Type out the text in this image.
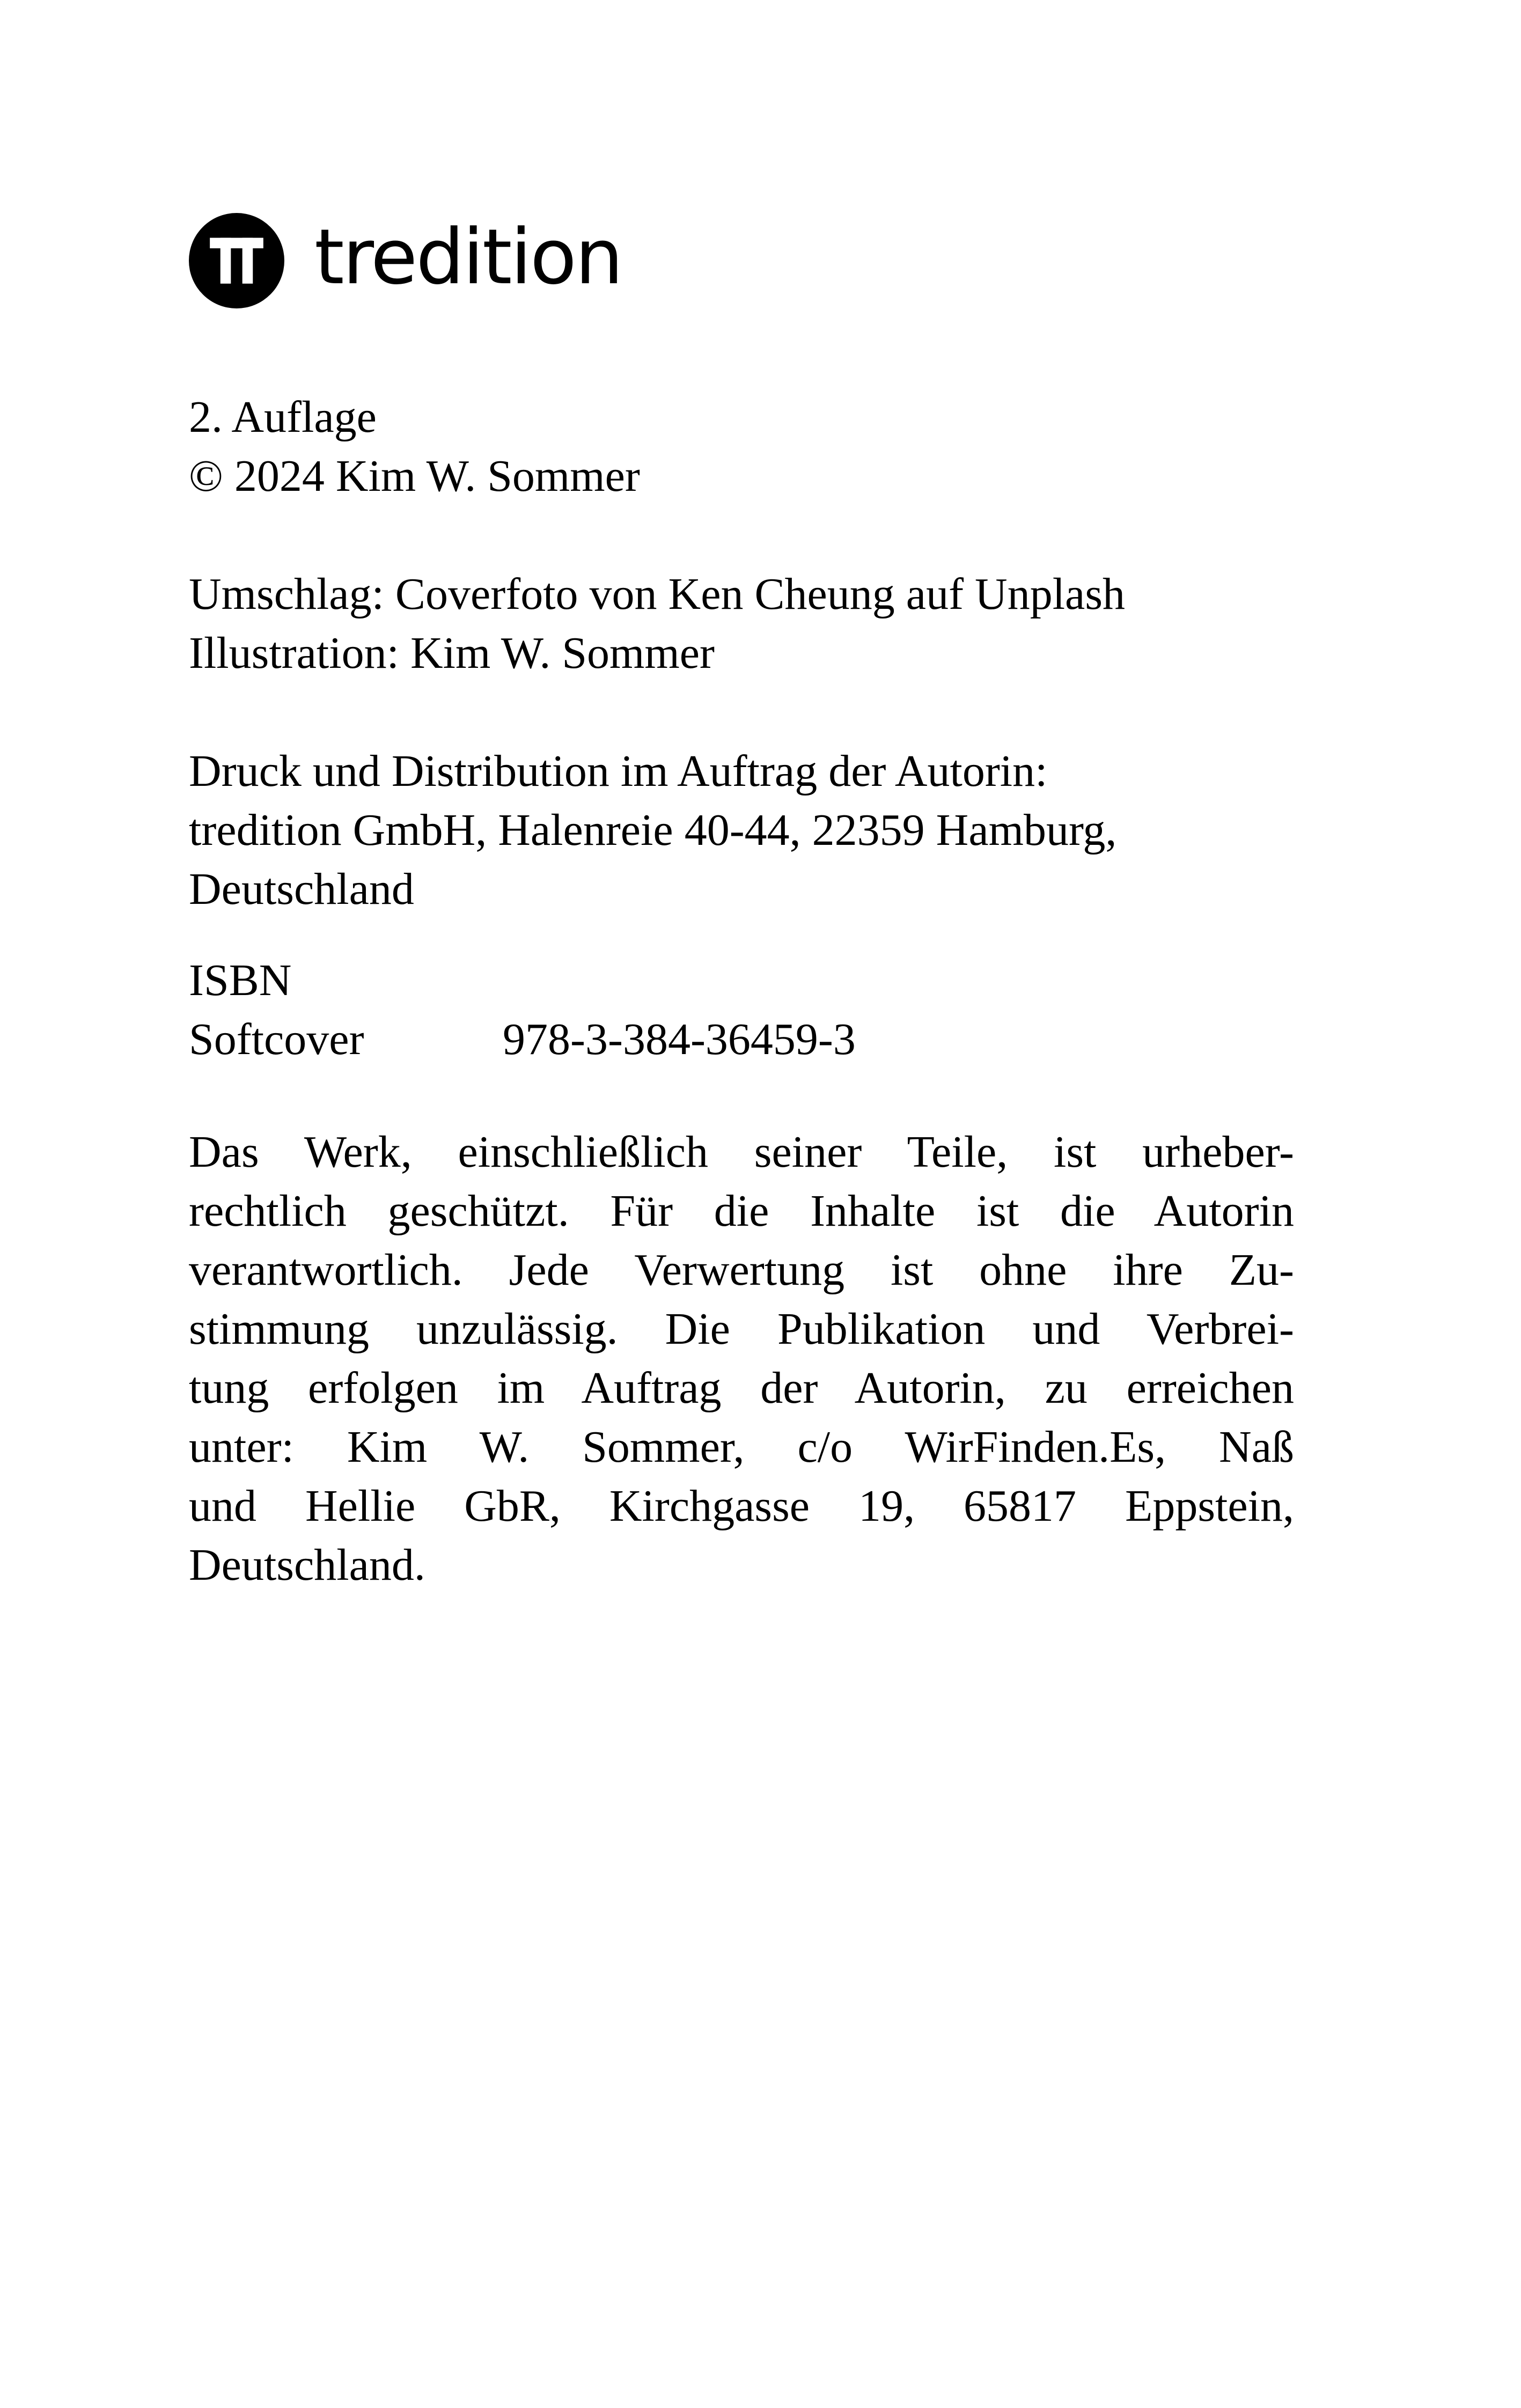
tredition
2. Auflage
© 2024 Kim W. Sommer
Umschlag: Coverfoto von Ken Cheung auf Unplash
Illustration: Kim W. Sommer
Druck und Distribution im Auftrag der Autorin:
tredition GmbH, Halenreie 40-44, 22359 Hamburg,
Deutschland
ISBN
Softcover	978-3-384-36459-3
Das Werk, einschließlich seiner Teile, ist urheber-
rechtlich geschützt. Für die Inhalte ist die Autorin
verantwortlich. Jede Verwertung ist ohne ihre Zu-
stimmung unzulässig. Die Publikation und Verbrei-
tung erfolgen im Auftrag der Autorin, zu erreichen
unter: Kim W. Sommer, c/o WirFinden.Es, Naß
und Hellie GbR, Kirchgasse 19, 65817 Eppstein,
Deutschland.
